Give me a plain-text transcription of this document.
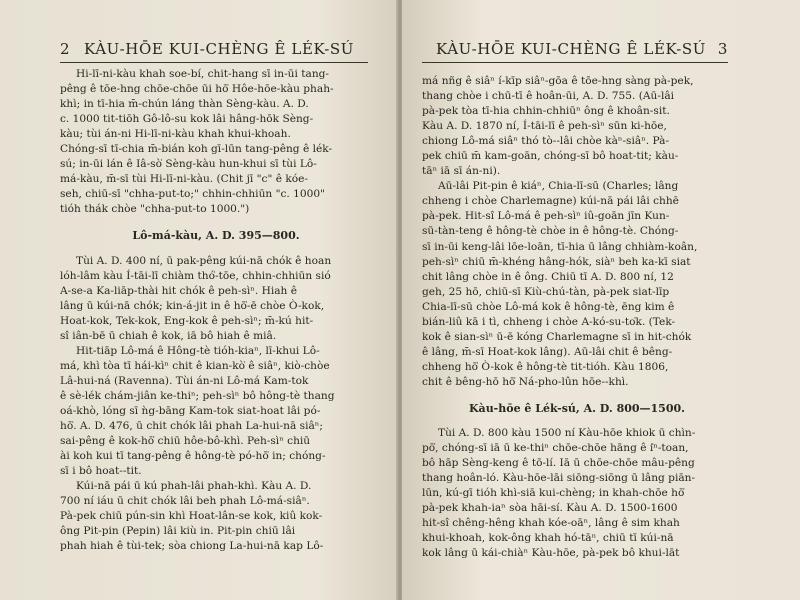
2 KÀU-HŌE KUI-CHÈNG Ê LÉK-SÚ
Hi-lī-ni-kàu khah soe-bí, chit-hang sī in-ūi tang-
pêng ê tōe-hng chōe-chōe ūi hō͘ Hôe-hōe-kàu phah-
khì; in tī-hia m̄-chún láng thàn Sèng-kàu. A. D.
c. 1000 tit-tiōh Gô-lô-su kok lâi hâng-hōk Sèng-
kàu; tùi án-ni Hi-lī-ni-kàu khah khui-khoah.
Chóng-sī tī-chia m̄-bián koh gī-lūn tang-pêng ê lék-
sú; in-ūi lán ê Iâ-sò͘ Sèng-kàu hun-khui sī tùi Lô-
má-kàu, m̄-sī tùi Hi-lī-ni-kàu. (Chit jī "c" ê kóe-
seh, chiū-sī "chha-put-to;" chhin-chhiūn "c. 1000"
tióh thák chòe "chha-put-to 1000.")
Lô-má-kàu, A. D. 395—800.
Tùi A. D. 400 ní, ū pak-pêng kúi-nā chók ê hoan
lóh-lâm kàu Í-tāi-lī chiàm thó͘-tōe, chhin-chhiūn sió
A-se-a Ka-liāp-thài hit chók ê peh-sìⁿ. Hiah ê
lâng ū kúi-nā chók; kin-á-jit in ê hō͘-ē chòe Ò-kok,
Hoat-kok, Tek-kok, Eng-kok ê peh-sìⁿ; m̄-kú hit-
sî iân-bē ū chiah ê kok, iā bô hiah ê miâ.
Hit-tiāp Lô-má ê Hông-tè tióh-kiaⁿ, lī-khui Lô-
má, khì tòa tī hái-kìⁿ chit ê kian-kò͘ ê siâⁿ, kiò-chòe
Lâ-hui-ná (Ravenna). Tùi án-ni Lô-má Kam-tok
ê sè-lék chám-jiân ke-thiⁿ; peh-sìⁿ bô hông-tè thang
oá-khò, lóng sī ǹg-bāng Kam-tok siat-hoat lâi pó-
hō͘. A. D. 476, ū chit chók lâi phah La-hui-nā siâⁿ;
sai-pêng ê kok-hō͘ chiū hôe-bô-khì. Peh-sìⁿ chiū
ài koh kui tī tang-pêng ê hông-tè pó-hō͘ in; chóng-
sī i bô hoat--tit.
Kúi-nā pái ū kú phah-lâi phah-khì. Kàu A. D.
700 ní iáu ū chit chók lâi beh phah Lô-má-siâⁿ.
Pà-pek chiū pún-sin khì Hoat-lân-se kok, kiû kok-
ông Pit-pin (Pepin) lâi kiù in. Pit-pin chiū lâi
phah hiah ê tùi-tek; sòa chiong La-hui-nā kap Lô-
KÀU-HŌE KUI-CHÈNG Ê LÉK-SÚ 3
má nñg ê siâⁿ í-kīp siâⁿ-gōa ê tōe-hng sàng pà-pek,
thang chòe i chū-tī ê hoân-ūi, A. D. 755. (Aū-lâi
pà-pek tòa tī-hia chhin-chhiūⁿ ông ê khoân-sit.
Kàu A. D. 1870 ní, Í-tāi-lī ê peh-sìⁿ sūn ki-hōe,
chiong Lô-má siâⁿ thó tò--lâi chòe kàⁿ-siâⁿ. Pà-
pek chiū m̄ kam-goān, chóng-sī bô hoat-tit; kàu-
tāⁿ iā sī án-ni).
Aū-lâi Pit-pin ê kiáⁿ, Chia-lī-sū (Charles; lâng
chheng i chòe Charlemagne) kúi-nā pái lâi chhē
pà-pek. Hit-sî Lô-má ê peh-sìⁿ iû-goān jīn Kun-
sū-tàn-teng ê hông-tè chòe in ê hông-tè. Chóng-
sī in-ūi keng-lâi lōe-loān, tī-hia ū lâng chhiàm-koân,
peh-sìⁿ chiū m̄-khéng hâng-hók, siàⁿ beh ka-kī siat
chit lâng chòe in ê ông. Chiū tī A. D. 800 ní, 12
geh, 25 hō, chiū-sī Kiù-chú-tàn, pà-pek siat-līp
Chia-lī-sū chòe Lô-má kok ê hông-tè, ēng kim ê
bián-liû kā i tì, chheng i chòe A-kó-su-to͘k. (Tek-
kok ê sian-sìⁿ ū-ē kóng Charlemagne sī in hit-chók
ê lâng, m̄-sī Hoat-kok lâng). Aū-lâi chit ê bêng-
chheng hō͘ Ò-kok ê hông-tè tit-tióh. Kàu 1806,
chit ê bêng-hō hō͘ Ná-pho-lûn hōe--khì.
Kàu-hōe ê Lék-sú, A. D. 800—1500.
Tùi A. D. 800 kàu 1500 ní Kàu-hōe khiok ū chìn-
pō͘, chóng-sī iā ū ke-thiⁿ chōe-chōe hāng ê i͘ⁿ-toan,
bô hāp Sèng-keng ê tō-lí. Iā ū chōe-chōe mâu-pêng
thang hoân-ló. Kàu-hōe-lāi siōng-siōng ū lâng piān-
lūn, kú-gī tióh khì-siā kui-chèng; in khah-chōe hō͘
pà-pek khah-iaⁿ sòa hāi-sí. Kàu A. D. 1500-1600
hit-sî chêng-hêng khah kóe-oāⁿ, lâng ê sim khah
khui-khoah, kok-ông khah hó-tāⁿ, chiū tī kúi-nā
kok lâng ū kái-chiàⁿ Kàu-hōe, pà-pek bô khui-lāt
